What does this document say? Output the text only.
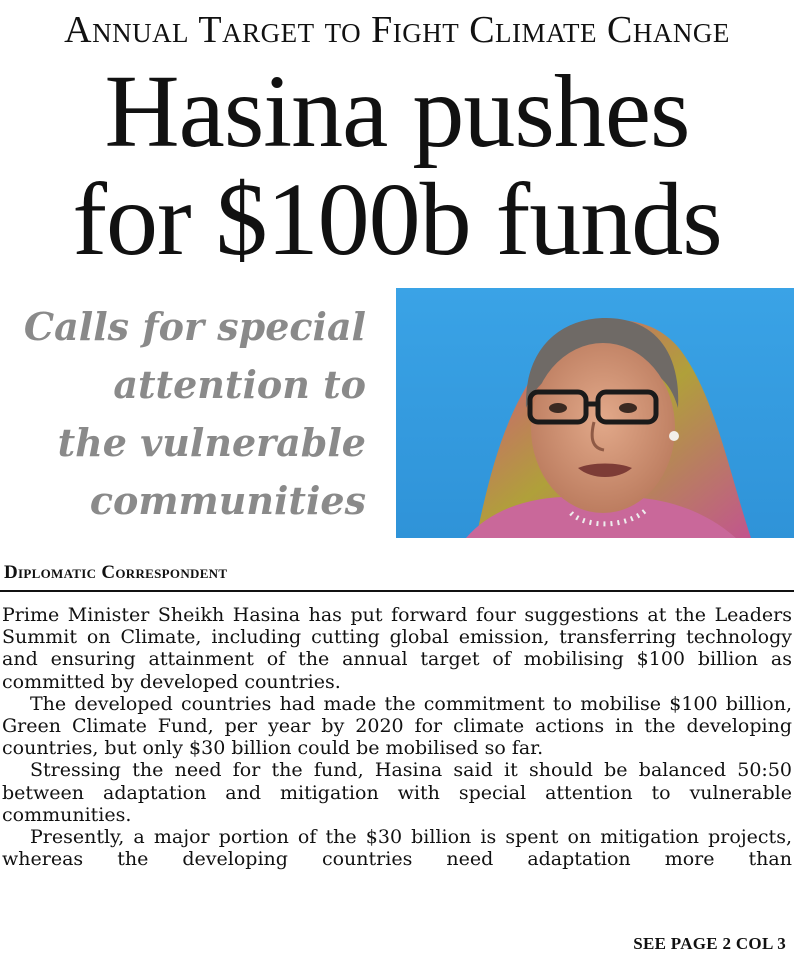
Annual Target to Fight Climate Change
Hasina pushes
for $100b funds
Calls for special
attention to
the vulnerable
communities
Diplomatic Correspondent

Prime Minister Sheikh Hasina has put forward four suggestions at the Leaders Summit on Climate, including cutting global emission, transferring technology and ensuring attainment of the annual target of mobilising $100 billion as committed by developed countries.

The developed countries had made the commitment to mobilise $100 billion, Green Climate Fund, per year by 2020 for climate actions in the developing countries, but only $30 billion could be mobilised so far.

Stressing the need for the fund, Hasina said it should be balanced 50:50 between adaptation and mitigation with special attention to vulnerable communities.

Presently, a major portion of the $30 billion is spent on mitigation projects, whereas the developing countries need adaptation more than

SEE PAGE 2 COL 3
